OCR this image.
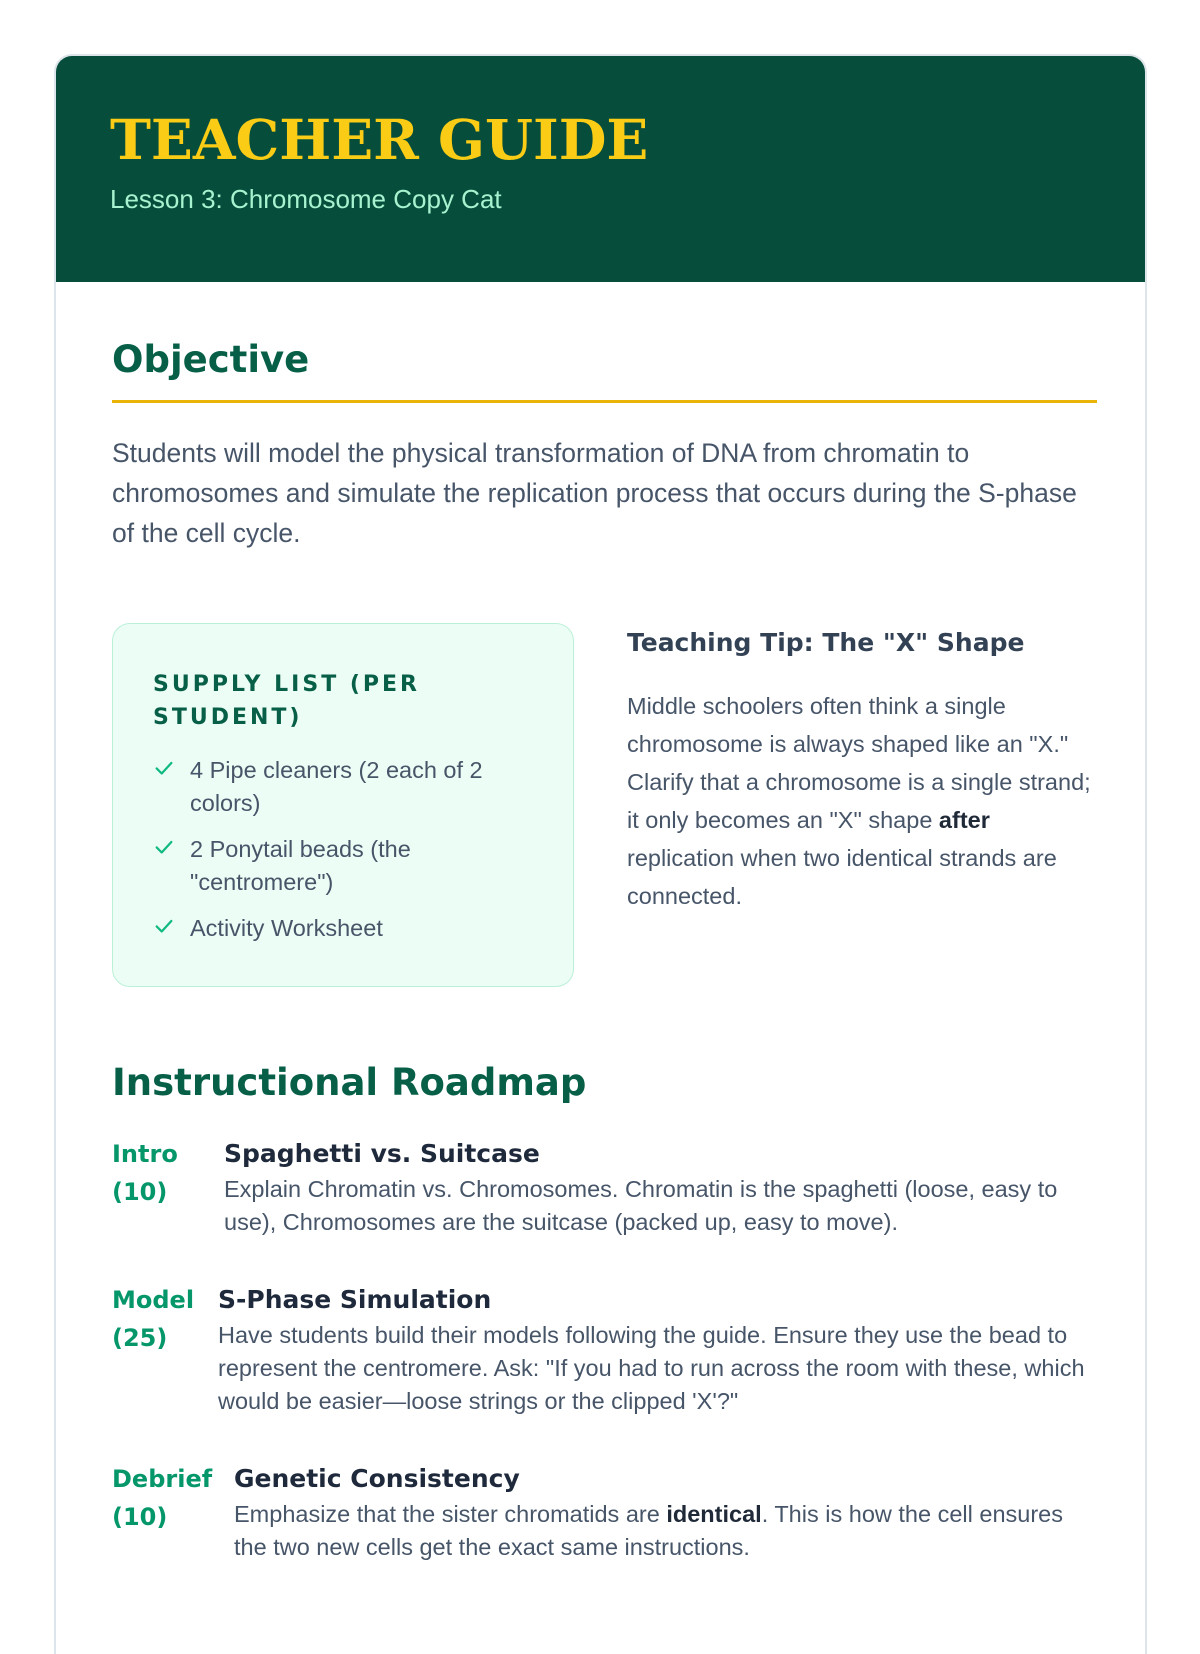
TEACHER GUIDE
Lesson 3: Chromosome Copy Cat
Objective

Students will model the physical transformation of DNA from chromatin to chromosomes and simulate the replication process that occurs during the S-phase of the cell cycle.

SUPPLY LIST (PER STUDENT)
4 Pipe cleaners (2 each of 2 colors)
2 Ponytail beads (the "centromere")
Activity Worksheet
Teaching Tip: The "X" Shape

Middle schoolers often think a single chromosome is always shaped like an "X." Clarify that a chromosome is a single strand; it only becomes an "X" shape after replication when two identical strands are connected.

Instructional Roadmap
Intro
(10)
Spaghetti vs. Suitcase

Explain Chromatin vs. Chromosomes. Chromatin is the spaghetti (loose, easy to use), Chromosomes are the suitcase (packed up, easy to move).

Model
(25)
S-Phase Simulation

Have students build their models following the guide. Ensure they use the bead to represent the centromere. Ask: "If you had to run across the room with these, which would be easier—loose strings or the clipped 'X'?"

Debrief
(10)
Genetic Consistency

Emphasize that the sister chromatids are identical. This is how the cell ensures the two new cells get the exact same instructions.
